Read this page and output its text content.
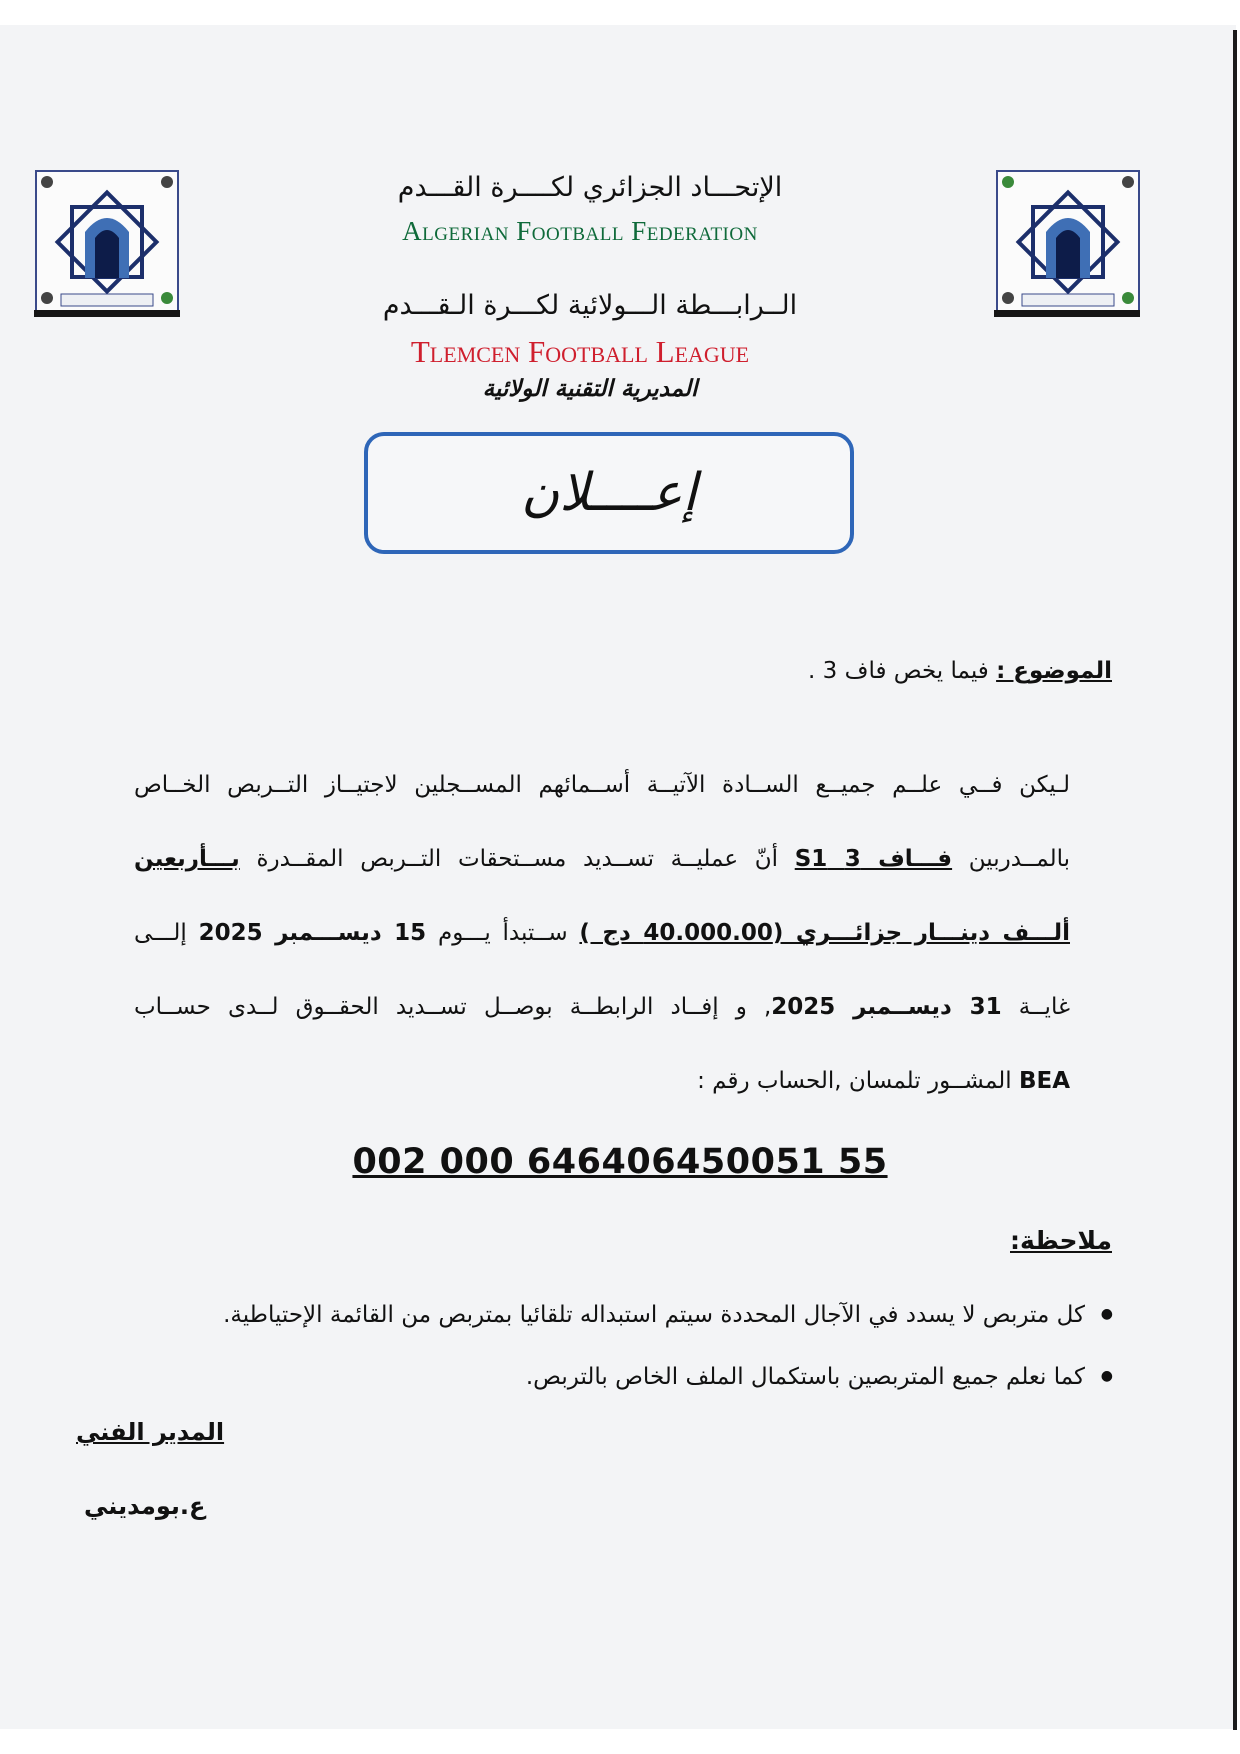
الإتحـــاد الجزائري لكــــرة القـــدم
Algerian Football Federation
الــرابـــطة الـــولائية لكـــرة الـقـــدم
Tlemcen Football League
المديرية التقنية الولائية
إعــــلان
الموضوع : فيما يخص فاف 3 .
لـيكن فــي علــم جميــع الســادة الآتيــة أســمائهم المســجلين لاجتيــاز التــربص الخــاص
بالمــدربين فـــاف 3 S1 أنّ عمليــة تســديد مســتحقات التــربص المقــدرة بـــأربعين
ألـــف دينـــار جزائـــري (40.000.00 دج ) ســتبدأ يـــوم 15 ديســـمبر 2025 إلـــى
غايــة 31 ديســمبر 2025, و إفــاد الرابطــة بوصــل تســديد الحقــوق لــدى حســاب
BEA المشــور تلمسان ,الحساب رقم :
002 000 646406450051 55
ملاحظة:
● كل متربص لا يسدد في الآجال المحددة سيتم استبداله تلقائيا بمتربص من القائمة الإحتياطية.
● كما نعلم جميع المتربصين باستكمال الملف الخاص بالتربص.
المدير الفني
ع.بومديني
